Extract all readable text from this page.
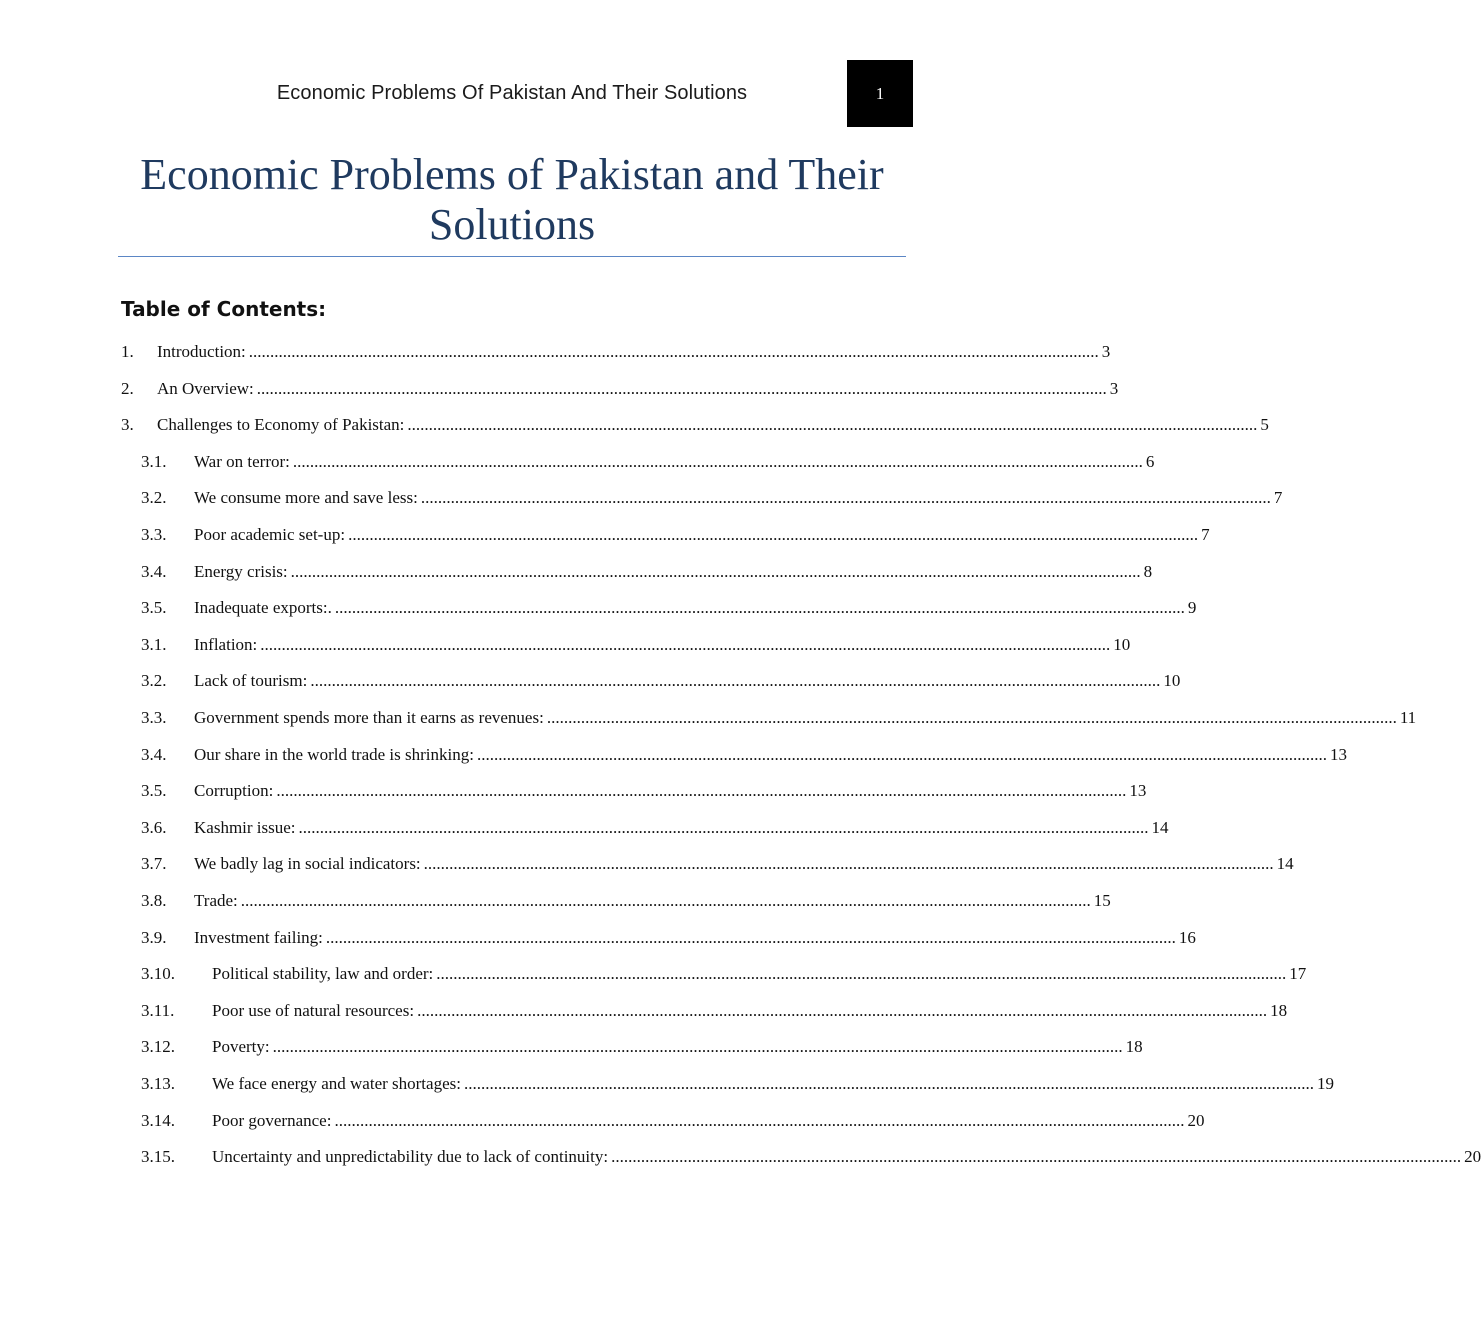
Economic Problems Of Pakistan And Their Solutions	1
Economic Problems of Pakistan and Their Solutions
Table of Contents:
1.	Introduction: ........................................................................................................................................................................................................ 3
2.	An Overview: ........................................................................................................................................................................................................ 3
3.	Challenges to Economy of Pakistan: ........................................................................................................................................................................................................ 5
3.1.	War on terror: ........................................................................................................................................................................................................ 6
3.2.	We consume more and save less: ........................................................................................................................................................................................................ 7
3.3.	Poor academic set-up: ........................................................................................................................................................................................................ 7
3.4.	Energy crisis: ........................................................................................................................................................................................................ 8
3.5.	Inadequate exports:. ........................................................................................................................................................................................................ 9
3.1.	Inflation: ........................................................................................................................................................................................................ 10
3.2.	Lack of tourism: ........................................................................................................................................................................................................ 10
3.3.	Government spends more than it earns as revenues: ........................................................................................................................................................................................................ 11
3.4.	Our share in the world trade is shrinking: ........................................................................................................................................................................................................ 13
3.5.	Corruption: ........................................................................................................................................................................................................ 13
3.6.	Kashmir issue: ........................................................................................................................................................................................................ 14
3.7.	We badly lag in social indicators: ........................................................................................................................................................................................................ 14
3.8.	Trade: ........................................................................................................................................................................................................ 15
3.9.	Investment failing: ........................................................................................................................................................................................................ 16
3.10.	Political stability, law and order: ........................................................................................................................................................................................................ 17
3.11.	Poor use of natural resources: ........................................................................................................................................................................................................ 18
3.12.	Poverty: ........................................................................................................................................................................................................ 18
3.13.	We face energy and water shortages: ........................................................................................................................................................................................................ 19
3.14.	Poor governance: ........................................................................................................................................................................................................ 20
3.15.	Uncertainty and unpredictability due to lack of continuity: ........................................................................................................................................................................................................ 20
